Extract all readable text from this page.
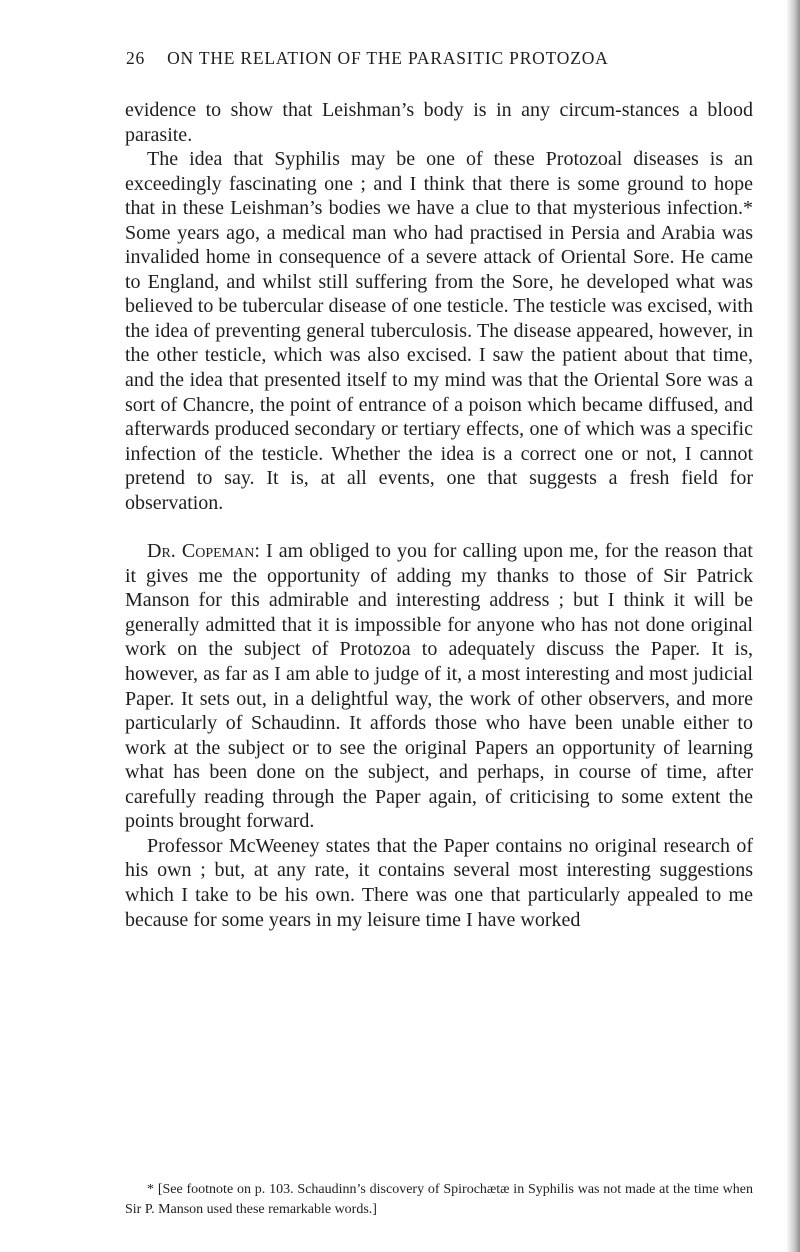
26 ON THE RELATION OF THE PARASITIC PROTOZOA

evidence to show that Leishman’s body is in any circum-stances a blood parasite.

The idea that Syphilis may be one of these Protozoal diseases is an exceedingly fascinating one ; and I think that there is some ground to hope that in these Leishman’s bodies we have a clue to that mysterious infection.* Some years ago, a medical man who had practised in Persia and Arabia was invalided home in consequence of a severe attack of Oriental Sore. He came to England, and whilst still suffering from the Sore, he developed what was believed to be tubercular disease of one testicle. The testicle was excised, with the idea of preventing general tuberculosis. The disease appeared, however, in the other testicle, which was also excised. I saw the patient about that time, and the idea that presented itself to my mind was that the Oriental Sore was a sort of Chancre, the point of entrance of a poison which became diffused, and afterwards produced secondary or tertiary effects, one of which was a specific infection of the testicle. Whether the idea is a correct one or not, I cannot pretend to say. It is, at all events, one that suggests a fresh field for observation.

Dr. Copeman: I am obliged to you for calling upon me, for the reason that it gives me the opportunity of adding my thanks to those of Sir Patrick Manson for this admirable and interesting address ; but I think it will be generally admitted that it is impossible for anyone who has not done original work on the subject of Protozoa to adequately discuss the Paper. It is, however, as far as I am able to judge of it, a most interesting and most judicial Paper. It sets out, in a delightful way, the work of other observers, and more particularly of Schaudinn. It affords those who have been unable either to work at the subject or to see the original Papers an opportunity of learning what has been done on the subject, and perhaps, in course of time, after carefully reading through the Paper again, of criticising to some extent the points brought forward.

Professor McWeeney states that the Paper contains no original research of his own ; but, at any rate, it contains several most interesting suggestions which I take to be his own. There was one that particularly appealed to me because for some years in my leisure time I have worked

* [See footnote on p. 103. Schaudinn’s discovery of Spirochætæ in Syphilis was not made at the time when Sir P. Manson used these remarkable words.]
